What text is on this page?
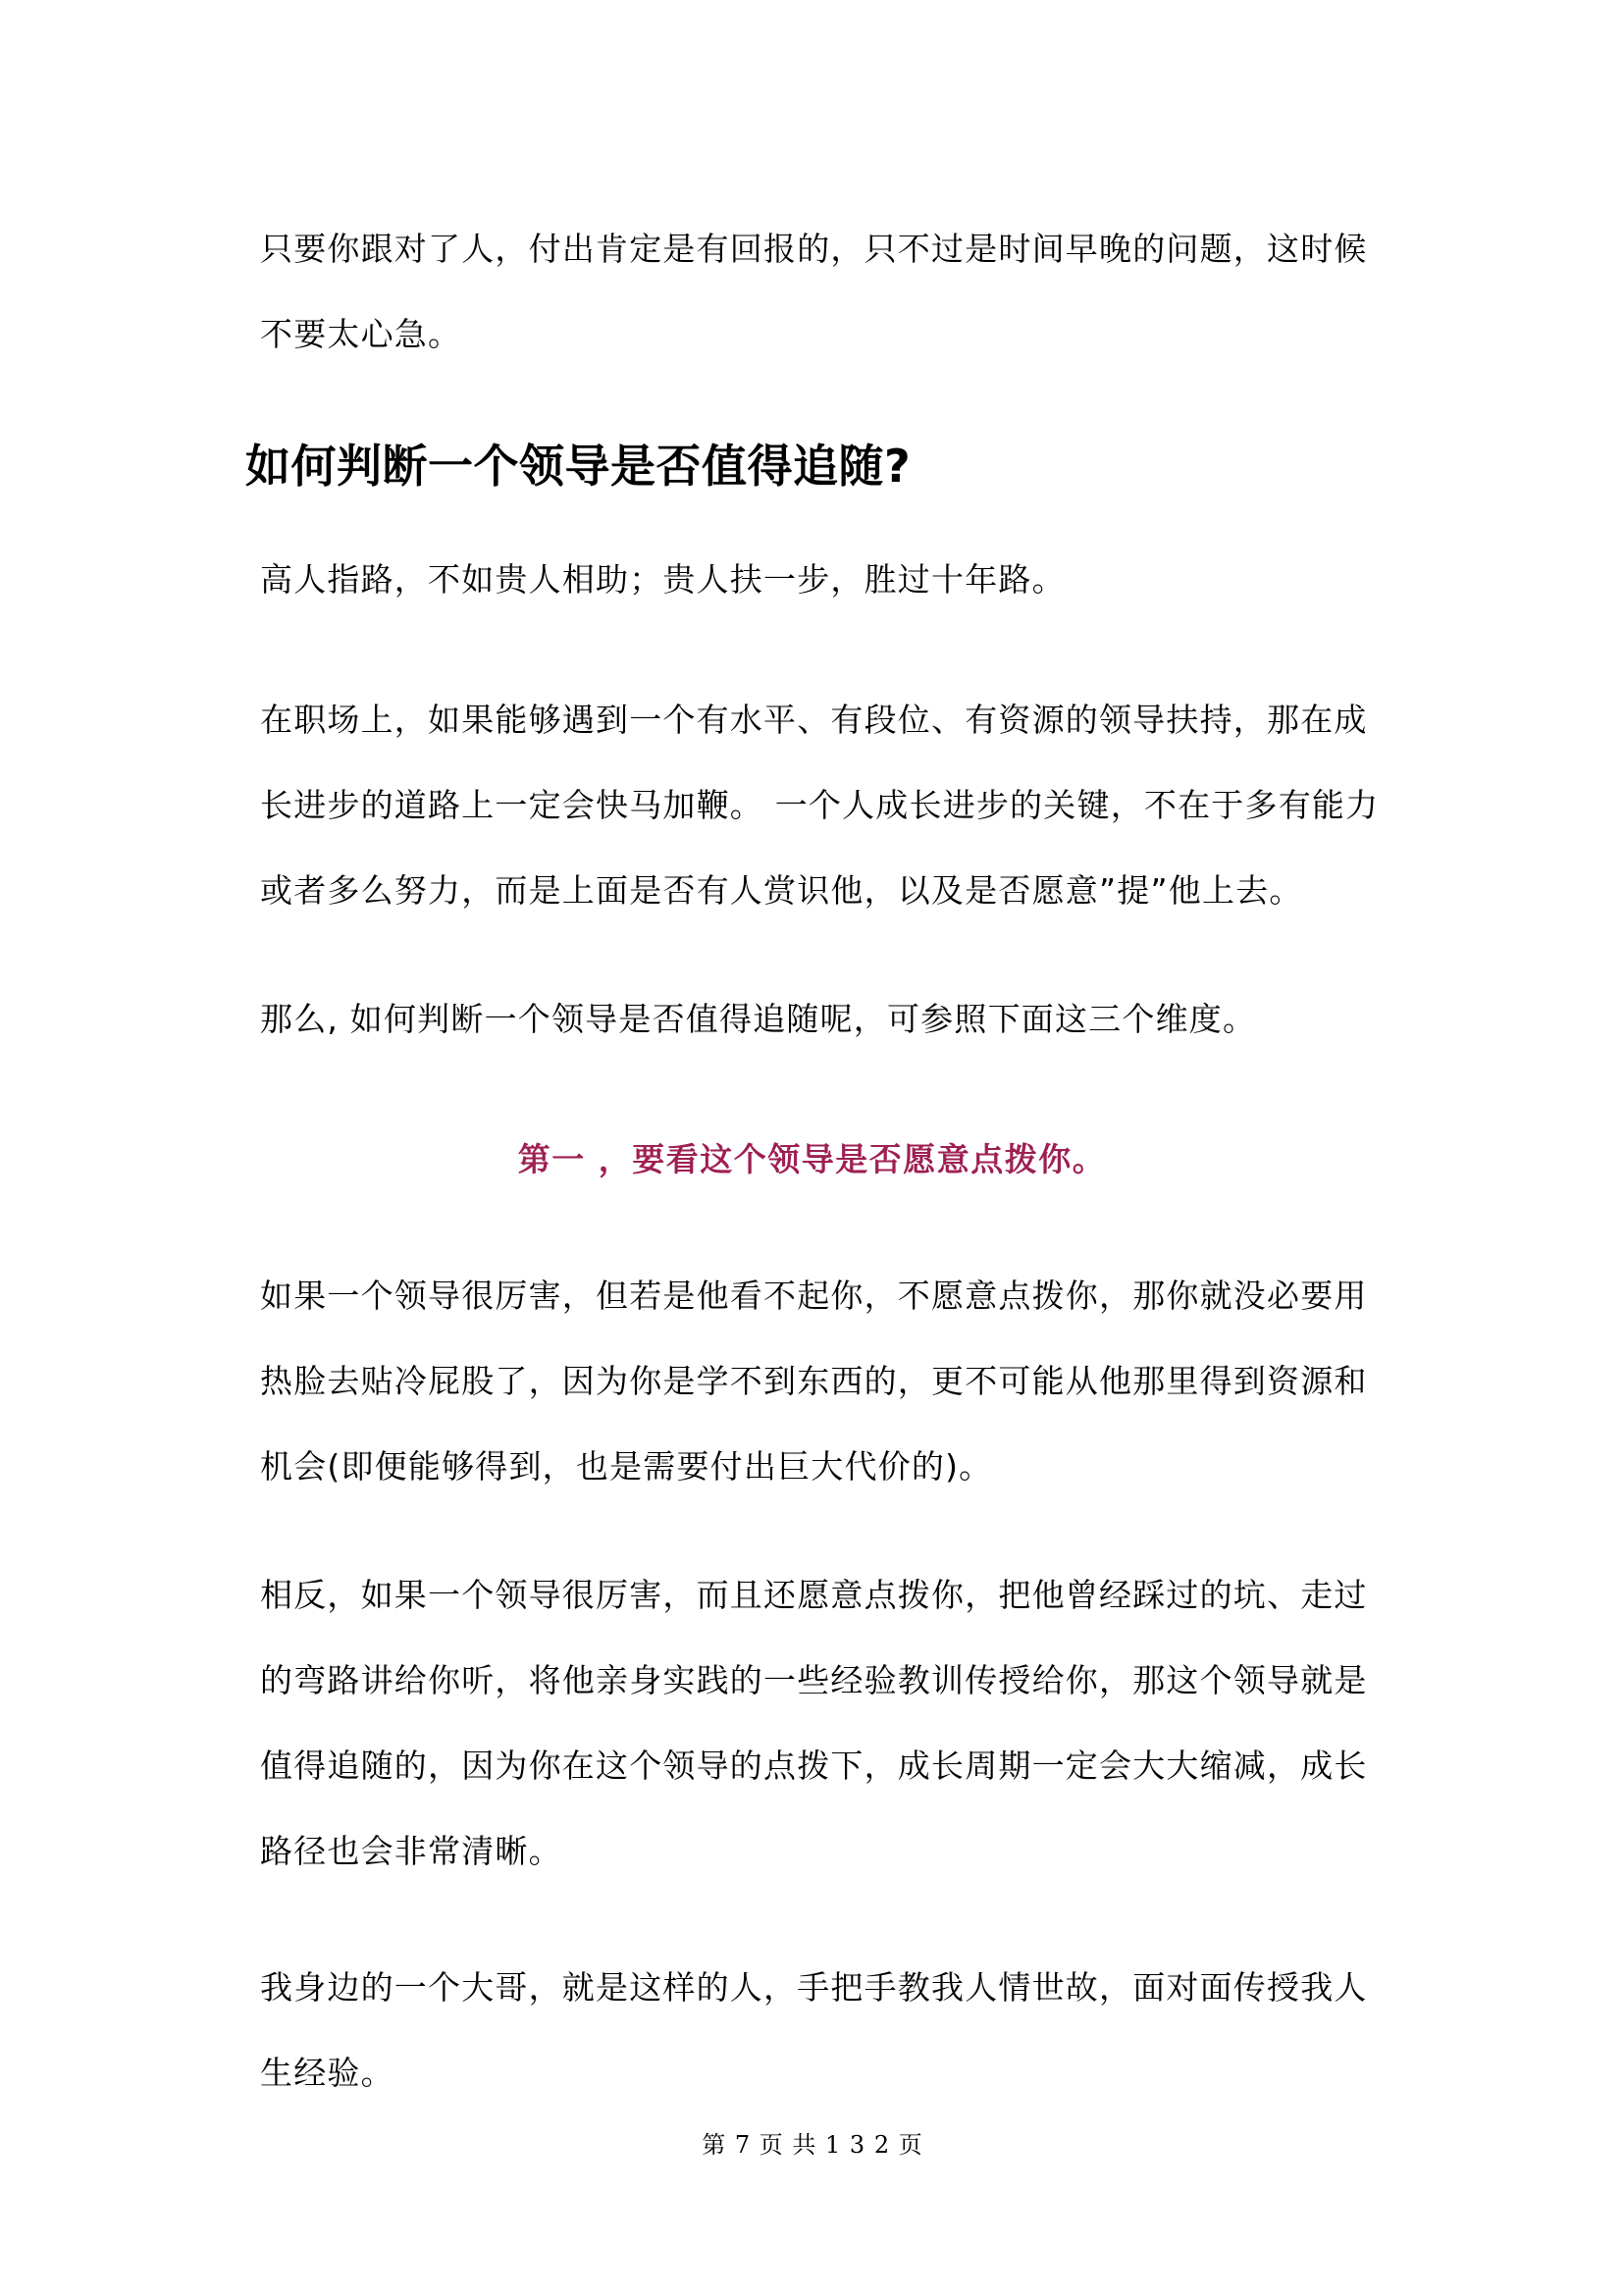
只要你跟对了人，付出肯定是有回报的，只不过是时间早晚的问题，这时候不要太心急。

如何判断一个领导是否值得追随?

高人指路，不如贵人相助；贵人扶一步，胜过十年路。

在职场上，如果能够遇到一个有水平、有段位、有资源的领导扶持，那在成长进步的道路上一定会快马加鞭。 一个人成长进步的关键，不在于多有能力或者多么努力，而是上面是否有人赏识他，以及是否愿意”提”他上去。

那么, 如何判断一个领导是否值得追随呢，可参照下面这三个维度。

第一 ，要看这个领导是否愿意点拨你。

如果一个领导很厉害，但若是他看不起你，不愿意点拨你，那你就没必要用热脸去贴冷屁股了，因为你是学不到东西的，更不可能从他那里得到资源和机会(即便能够得到，也是需要付出巨大代价的)。

相反，如果一个领导很厉害，而且还愿意点拨你，把他曾经踩过的坑、走过的弯路讲给你听，将他亲身实践的一些经验教训传授给你，那这个领导就是值得追随的，因为你在这个领导的点拨下，成长周期一定会大大缩减，成长路径也会非常清晰。

我身边的一个大哥，就是这样的人，手把手教我人情世故，面对面传授我人生经验。

第 7 页 共 1 3 2 页
